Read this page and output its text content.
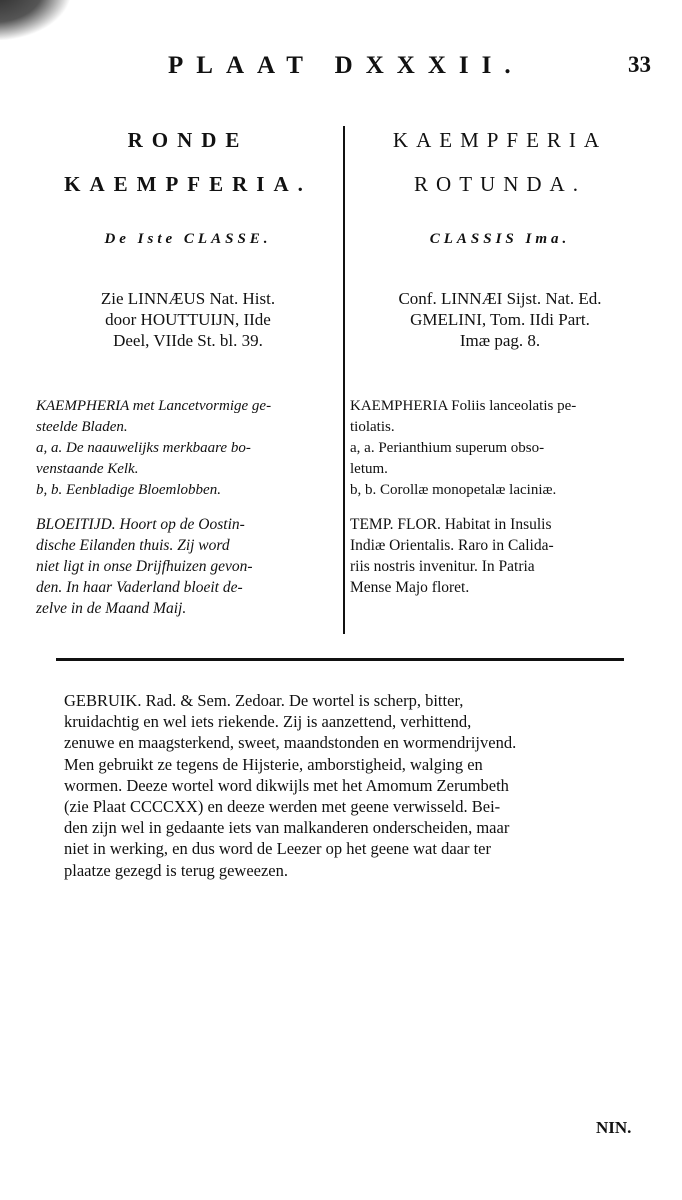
PLAAT DXXXII.	33
RONDE
KAEMPFERIA.
De Iste CLASSE.
Zie LINNÆUS Nat. Hist.
door HOUTTUIJN, IIde
Deel, VIIde St. bl. 39.
KAEMPHERIA met Lancetvormige ge-
steelde Bladen.
a, a. De naauwelijks merkbaare bo-
venstaande Kelk.
b, b. Eenbladige Bloemlobben.
BLOEITIJD. Hoort op de Oostin-
dische Eilanden thuis. Zij word
niet ligt in onse Drijfhuizen gevon-
den. In haar Vaderland bloeit de-
zelve in de Maand Maij.
KAEMPFERIA
ROTUNDA.
CLASSIS Ima.
Conf. LINNÆI Sijst. Nat. Ed.
GMELINI, Tom. IIdi Part.
Imæ pag. 8.
KAEMPHERIA Foliis lanceolatis pe-
tiolatis.
a, a. Perianthium superum obso-
letum.
b, b. Corollæ monopetalæ laciniæ.
TEMP. FLOR. Habitat in Insulis
Indiæ Orientalis. Raro in Calida-
riis nostris invenitur. In Patria
Mense Majo floret.
GEBRUIK. Rad. & Sem. Zedoar. De wortel is scherp, bitter,
kruidachtig en wel iets riekende. Zij is aanzettend, verhittend,
zenuwe en maagsterkend, sweet, maandstonden en wormendrijvend.
Men gebruikt ze tegens de Hijsterie, amborstigheid, walging en
wormen. Deeze wortel word dikwijls met het Amomum Zerumbeth
(zie Plaat CCCCXX) en deeze werden met geene verwisseld. Bei-
den zijn wel in gedaante iets van malkanderen onderscheiden, maar
niet in werking, en dus word de Leezer op het geene wat daar ter
plaatze gezegd is terug geweezen.
NIN.
